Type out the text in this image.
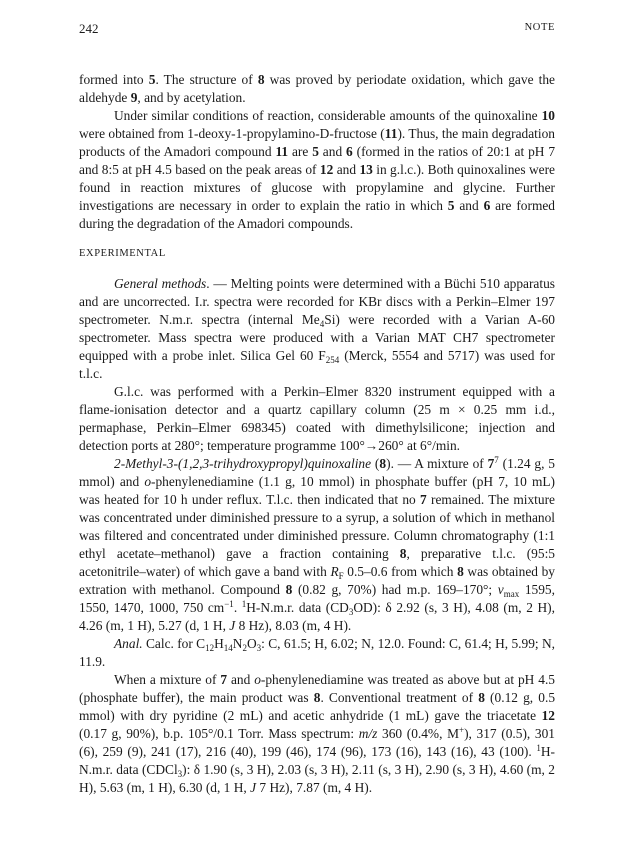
242	NOTE

formed into 5. The structure of 8 was proved by periodate oxidation, which gave the aldehyde 9, and by acetylation.

Under similar conditions of reaction, considerable amounts of the quinoxaline 10 were obtained from 1-deoxy-1-propylamino-D-fructose (11). Thus, the main degradation products of the Amadori compound 11 are 5 and 6 (formed in the ratios of 20:1 at pH 7 and 8:5 at pH 4.5 based on the peak areas of 12 and 13 in g.l.c.). Both quinoxalines were found in reaction mixtures of glucose with propylamine and glycine. Further investigations are necessary in order to explain the ratio in which 5 and 6 are formed during the degradation of the Amadori compounds.

EXPERIMENTAL

General methods. — Melting points were determined with a Büchi 510 apparatus and are uncorrected. I.r. spectra were recorded for KBr discs with a Perkin–Elmer 197 spectrometer. N.m.r. spectra (internal $Me_4Si$) were recorded with a Varian A-60 spectrometer. Mass spectra were produced with a Varian MAT CH7 spectrometer equipped with a probe inlet. Silica Gel 60 $F_{254}$ (Merck, 5554 and 5717) was used for t.l.c.

G.l.c. was performed with a Perkin–Elmer 8320 instrument equipped with a flame-ionisation detector and a quartz capillary column (25 m × 0.25 mm i.d., permaphase, Perkin–Elmer 698345) coated with dimethylsilicone; injection and detection ports at 280°; temperature programme 100°→260° at 6°/min.

2-Methyl-3-(1,2,3-trihydroxypropyl)quinoxaline (8). — A mixture of $7^7$ (1.24 g, 5 mmol) and o-phenylenediamine (1.1 g, 10 mmol) in phosphate buffer (pH 7, 10 mL) was heated for 10 h under reflux. T.l.c. then indicated that no 7 remained. The mixture was concentrated under diminished pressure to a syrup, a solution of which in methanol was filtered and concentrated under diminished pressure. Column chromatography (1:1 ethyl acetate–methanol) gave a fraction containing 8, preparative t.l.c. (95:5 acetonitrile–water) of which gave a band with $R_F$ 0.5–0.6 from which 8 was obtained by extration with methanol. Compound 8 (0.82 g, 70%) had m.p. 169–170°; $\nu_{max}$ 1595, 1550, 1470, 1000, 750 $cm^{-1}$. $^1$H-N.m.r. data $(CD_3OD)$: δ 2.92 (s, 3 H), 4.08 (m, 2 H), 4.26 (m, 1 H), 5.27 (d, 1 H, J 8 Hz), 8.03 (m, 4 H).

Anal. Calc. for $C_{12}H_{14}N_2O_3$: C, 61.5; H, 6.02; N, 12.0. Found: C, 61.4; H, 5.99; N, 11.9.

When a mixture of 7 and o-phenylenediamine was treated as above but at pH 4.5 (phosphate buffer), the main product was 8. Conventional treatment of 8 (0.12 g, 0.5 mmol) with dry pyridine (2 mL) and acetic anhydride (1 mL) gave the triacetate 12 (0.17 g, 90%), b.p. 105°/0.1 Torr. Mass spectrum: m/z 360 (0.4%, M+), 317 (0.5), 301 (6), 259 (9), 241 (17), 216 (40), 199 (46), 174 (96), 173 (16), 143 (16), 43 (100). $^1$H-N.m.r. data (CDCl$_3$): δ 1.90 (s, 3 H), 2.03 (s, 3 H), 2.11 (s, 3 H), 2.90 (s, 3 H), 4.60 (m, 2 H), 5.63 (m, 1 H), 6.30 (d, 1 H, J 7 Hz), 7.87 (m, 4 H).
